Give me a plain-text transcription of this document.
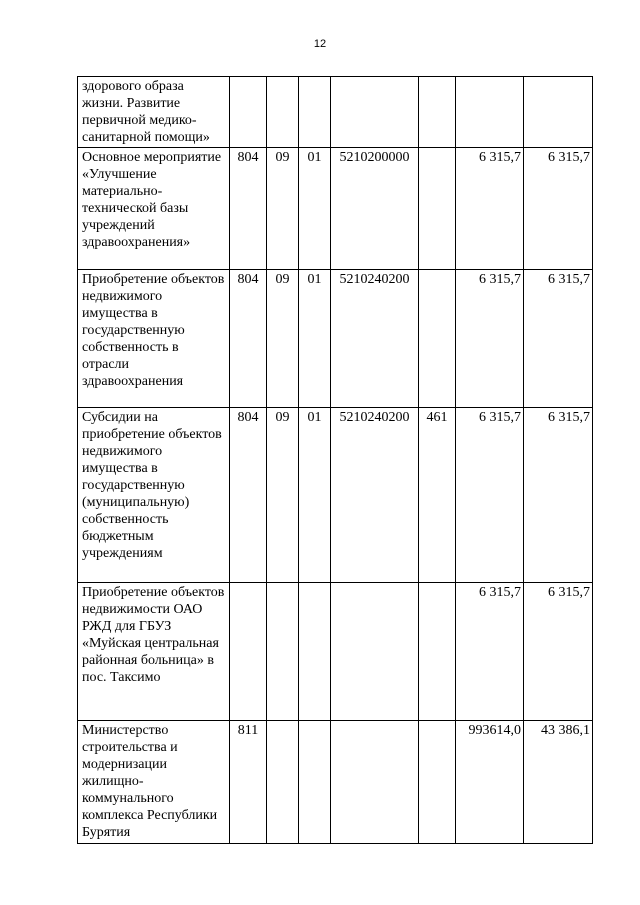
12
здорового образа жизни. Развитие первичной медико-санитарной помощи»							
Основное мероприятие «Улучшение материально-технической базы учреждений здравоохранения»	804	09	01	5210200000		6 315,7	6 315,7
Приобретение объектов недвижимого имущества в государственную собственность в отрасли здравоохранения	804	09	01	5210240200		6 315,7	6 315,7
Субсидии на приобретение объектов недвижимого имущества в государственную (муниципальную) собственность бюджетным учреждениям	804	09	01	5210240200	461	6 315,7	6 315,7
Приобретение объектов недвижимости ОАО РЖД для ГБУЗ «Муйская центральная районная больница» в пос. Таксимо						6 315,7	6 315,7
Министерство строительства и модернизации жилищно-коммунального комплекса Республики Бурятия	811					993614,0	43 386,1
